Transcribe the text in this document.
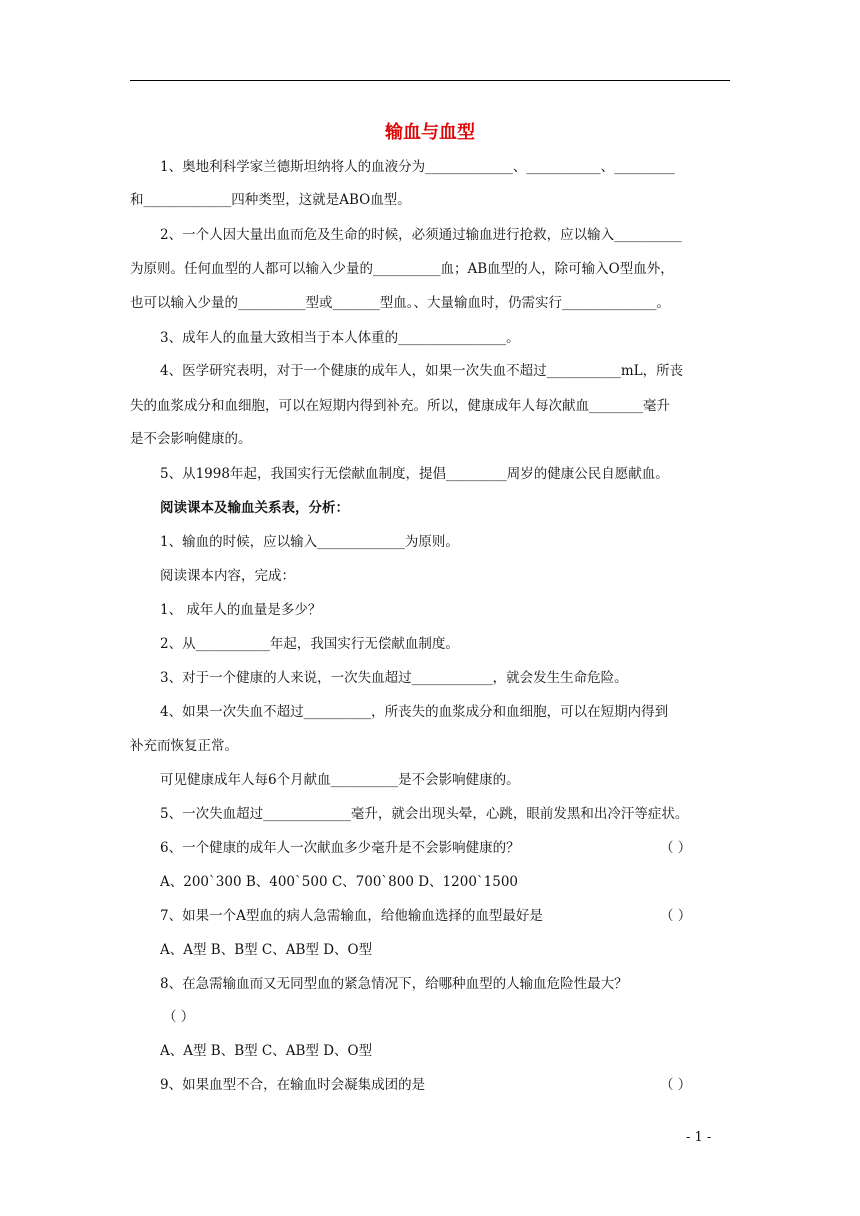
输血与血型
1、奥地利科学家兰德斯坦纳将人的血液分为_____________、___________、_________
和_____________四种类型，这就是ABO血型。
2、一个人因大量出血而危及生命的时候，必须通过输血进行抢救，应以输入__________
为原则。任何血型的人都可以输入少量的__________血；AB血型的人，除可输入O型血外，
也可以输入少量的__________型或_______型血。、大量输血时，仍需实行______________。
3、成年人的血量大致相当于本人体重的________________。
4、医学研究表明，对于一个健康的成年人，如果一次失血不超过___________mL，所丧
失的血浆成分和血细胞，可以在短期内得到补充。所以，健康成年人每次献血________毫升
是不会影响健康的。
5、从1998年起，我国实行无偿献血制度，提倡_________周岁的健康公民自愿献血。
阅读课本及输血关系表，分析：
1、输血的时候，应以输入_____________为原则。
阅读课本内容，完成：
1、 成年人的血量是多少？
2、从___________年起，我国实行无偿献血制度。
3、对于一个健康的人来说，一次失血超过____________，就会发生生命危险。
4、如果一次失血不超过__________，所丧失的血浆成分和血细胞，可以在短期内得到
补充而恢复正常。
可见健康成年人每6个月献血__________是不会影响健康的。
5、一次失血超过_____________毫升，就会出现头晕，心跳，眼前发黑和出冷汗等症状。
6、一个健康的成年人一次献血多少毫升是不会影响健康的？	（ ）
A、200`300 B、400`500 C、700`800 D、1200`1500
7、如果一个A型血的病人急需输血，给他输血选择的血型最好是	（ ）
A、A型 B、B型 C、AB型 D、O型
8、在急需输血而又无同型血的紧急情况下，给哪种血型的人输血危险性最大？
（ ）
A、A型 B、B型 C、AB型 D、O型
9、如果血型不合，在输血时会凝集成团的是	（ ）
- 1 -
